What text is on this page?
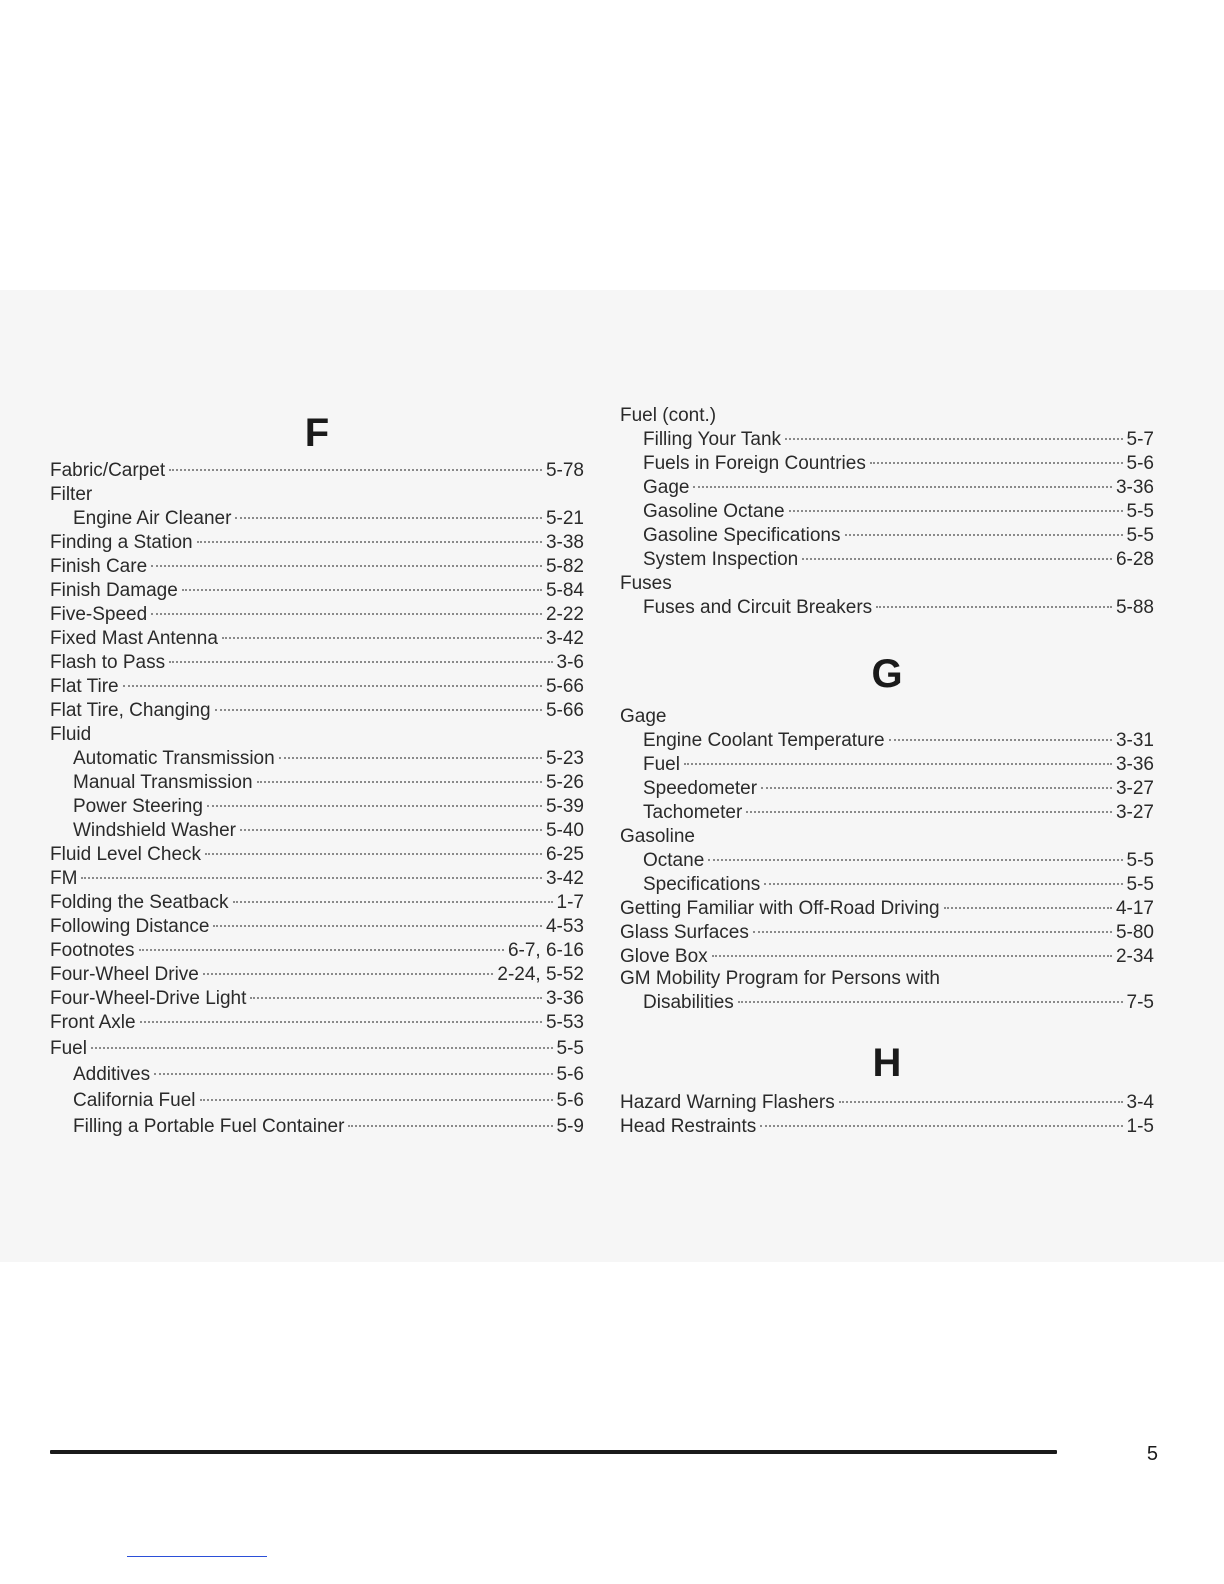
F
Fabric/Carpet	5-78
Filter
Engine Air Cleaner	5-21
Finding a Station	3-38
Finish Care	5-82
Finish Damage	5-84
Five-Speed	2-22
Fixed Mast Antenna	3-42
Flash to Pass	3-6
Flat Tire	5-66
Flat Tire, Changing	5-66
Fluid
Automatic Transmission	5-23
Manual Transmission	5-26
Power Steering	5-39
Windshield Washer	5-40
Fluid Level Check	6-25
FM	3-42
Folding the Seatback	1-7
Following Distance	4-53
Footnotes	6-7, 6-16
Four-Wheel Drive	2-24, 5-52
Four-Wheel-Drive Light	3-36
Front Axle	5-53
Fuel	5-5
Additives	5-6
California Fuel	5-6
Filling a Portable Fuel Container	5-9
Fuel (cont.)
Filling Your Tank	5-7
Fuels in Foreign Countries	5-6
Gage	3-36
Gasoline Octane	5-5
Gasoline Specifications	5-5
System Inspection	6-28
Fuses
Fuses and Circuit Breakers	5-88
G
Gage
Engine Coolant Temperature	3-31
Fuel	3-36
Speedometer	3-27
Tachometer	3-27
Gasoline
Octane	5-5
Specifications	5-5
Getting Familiar with Off-Road Driving	4-17
Glass Surfaces	5-80
Glove Box	2-34
GM Mobility Program for Persons with
Disabilities	7-5
H
Hazard Warning Flashers	3-4
Head Restraints	1-5
5
